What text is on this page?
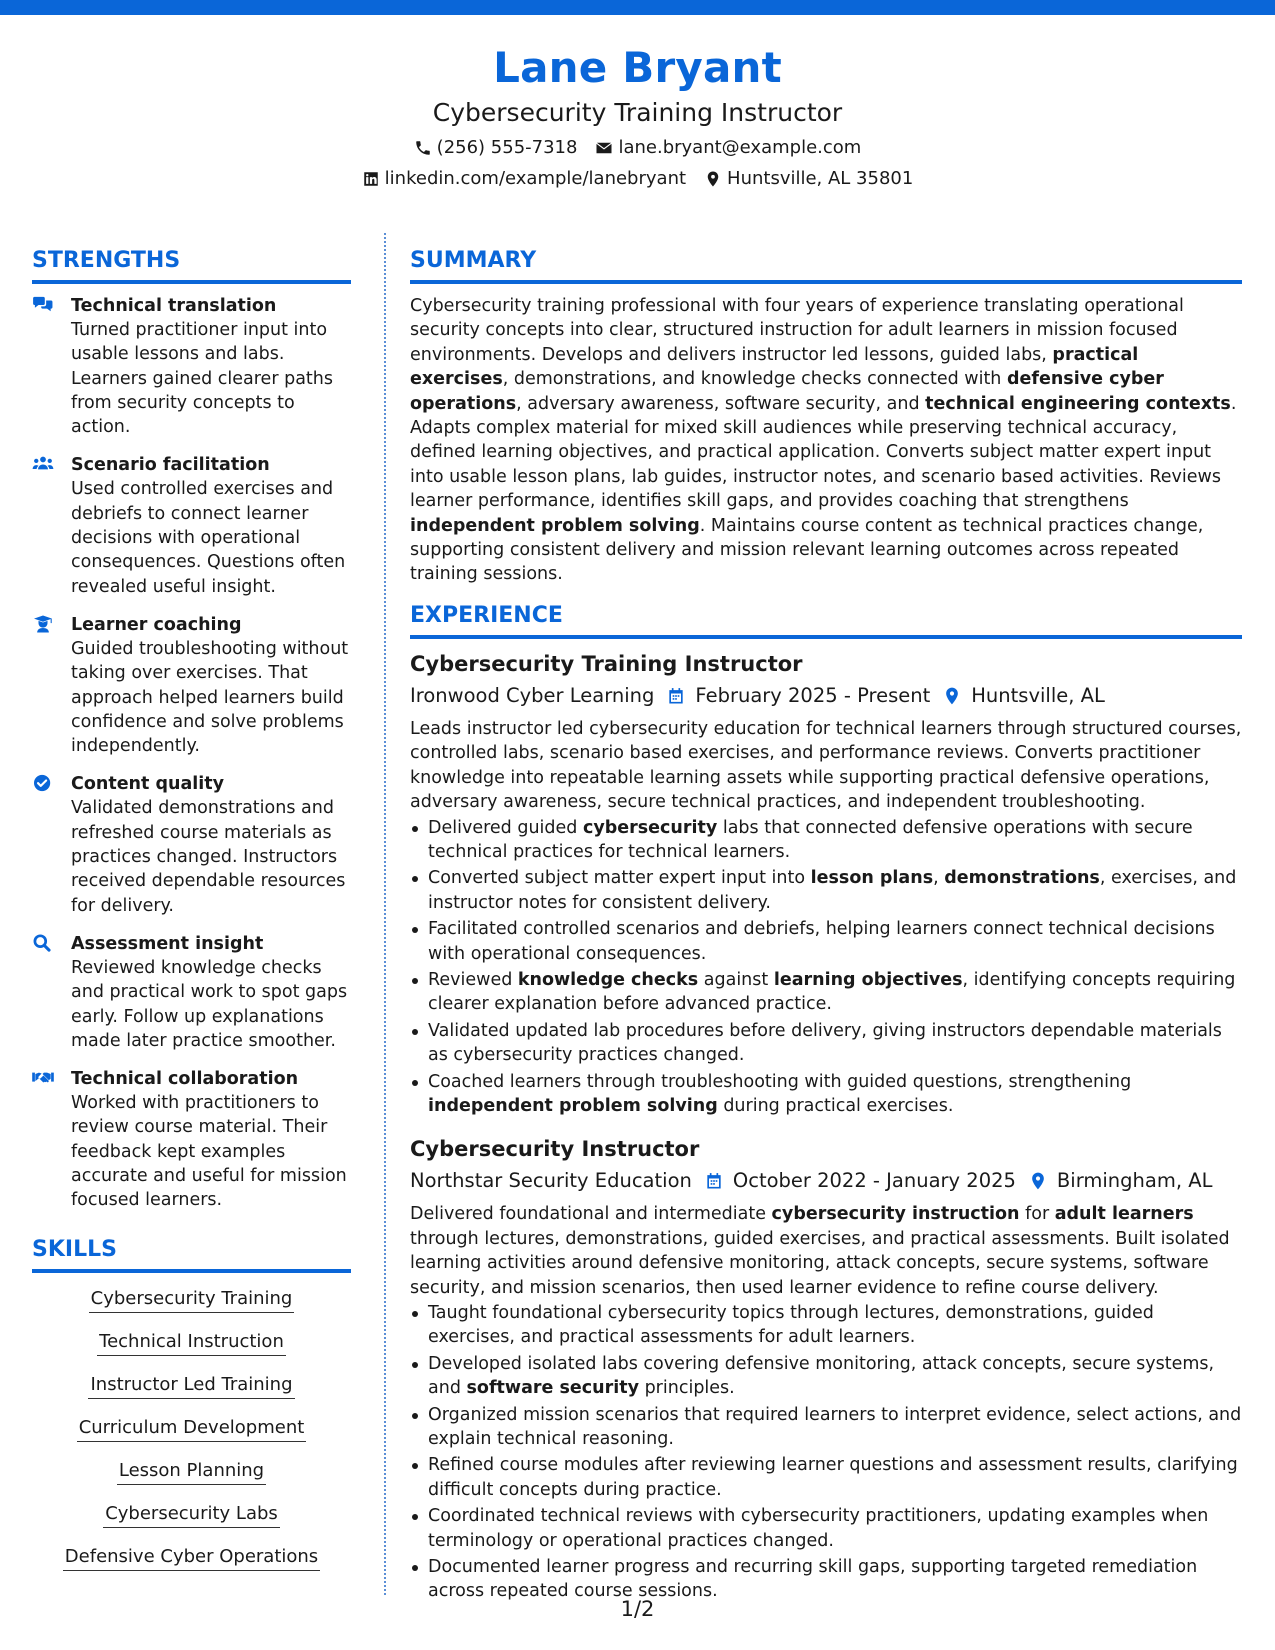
Lane Bryant
Cybersecurity Training Instructor
(256) 555-7318 lane.bryant@example.com
linkedin.com/example/lanebryant Huntsville, AL 35801
STRENGTHS
Technical translation
Turned practitioner input into usable lessons and labs. Learners gained clearer paths from security concepts to action.
Scenario facilitation
Used controlled exercises and debriefs to connect learner decisions with operational consequences. Questions often revealed useful insight.
Learner coaching
Guided troubleshooting without taking over exercises. That approach helped learners build confidence and solve problems independently.
Content quality
Validated demonstrations and refreshed course materials as practices changed. Instructors received dependable resources for delivery.
Assessment insight
Reviewed knowledge checks and practical work to spot gaps early. Follow up explanations made later practice smoother.
Technical collaboration
Worked with practitioners to review course material. Their feedback kept examples accurate and useful for mission focused learners.
SKILLS
Cybersecurity Training
Technical Instruction
Instructor Led Training
Curriculum Development
Lesson Planning
Cybersecurity Labs
Defensive Cyber Operations
SUMMARY
Cybersecurity training professional with four years of experience translating operational security concepts into clear, structured instruction for adult learners in mission focused environments. Develops and delivers instructor led lessons, guided labs, practical exercises, demonstrations, and knowledge checks connected with defensive cyber operations, adversary awareness, software security, and technical engineering contexts. Adapts complex material for mixed skill audiences while preserving technical accuracy, defined learning objectives, and practical application. Converts subject matter expert input into usable lesson plans, lab guides, instructor notes, and scenario based activities. Reviews learner performance, identifies skill gaps, and provides coaching that strengthens independent problem solving. Maintains course content as technical practices change, supporting consistent delivery and mission relevant learning outcomes across repeated training sessions.
EXPERIENCE
Cybersecurity Training Instructor
Ironwood Cyber Learning February 2025 - Present Huntsville, AL
Leads instructor led cybersecurity education for technical learners through structured courses, controlled labs, scenario based exercises, and performance reviews. Converts practitioner knowledge into repeatable learning assets while supporting practical defensive operations, adversary awareness, secure technical practices, and independent troubleshooting.
Delivered guided cybersecurity labs that connected defensive operations with secure technical practices for technical learners.
Converted subject matter expert input into lesson plans, demonstrations, exercises, and instructor notes for consistent delivery.
Facilitated controlled scenarios and debriefs, helping learners connect technical decisions with operational consequences.
Reviewed knowledge checks against learning objectives, identifying concepts requiring clearer explanation before advanced practice.
Validated updated lab procedures before delivery, giving instructors dependable materials as cybersecurity practices changed.
Coached learners through troubleshooting with guided questions, strengthening independent problem solving during practical exercises.
Cybersecurity Instructor
Northstar Security Education October 2022 - January 2025 Birmingham, AL
Delivered foundational and intermediate cybersecurity instruction for adult learners through lectures, demonstrations, guided exercises, and practical assessments. Built isolated learning activities around defensive monitoring, attack concepts, secure systems, software security, and mission scenarios, then used learner evidence to refine course delivery.
Taught foundational cybersecurity topics through lectures, demonstrations, guided exercises, and practical assessments for adult learners.
Developed isolated labs covering defensive monitoring, attack concepts, secure systems, and software security principles.
Organized mission scenarios that required learners to interpret evidence, select actions, and explain technical reasoning.
Refined course modules after reviewing learner questions and assessment results, clarifying difficult concepts during practice.
Coordinated technical reviews with cybersecurity practitioners, updating examples when terminology or operational practices changed.
Documented learner progress and recurring skill gaps, supporting targeted remediation across repeated course sessions.
1/2
